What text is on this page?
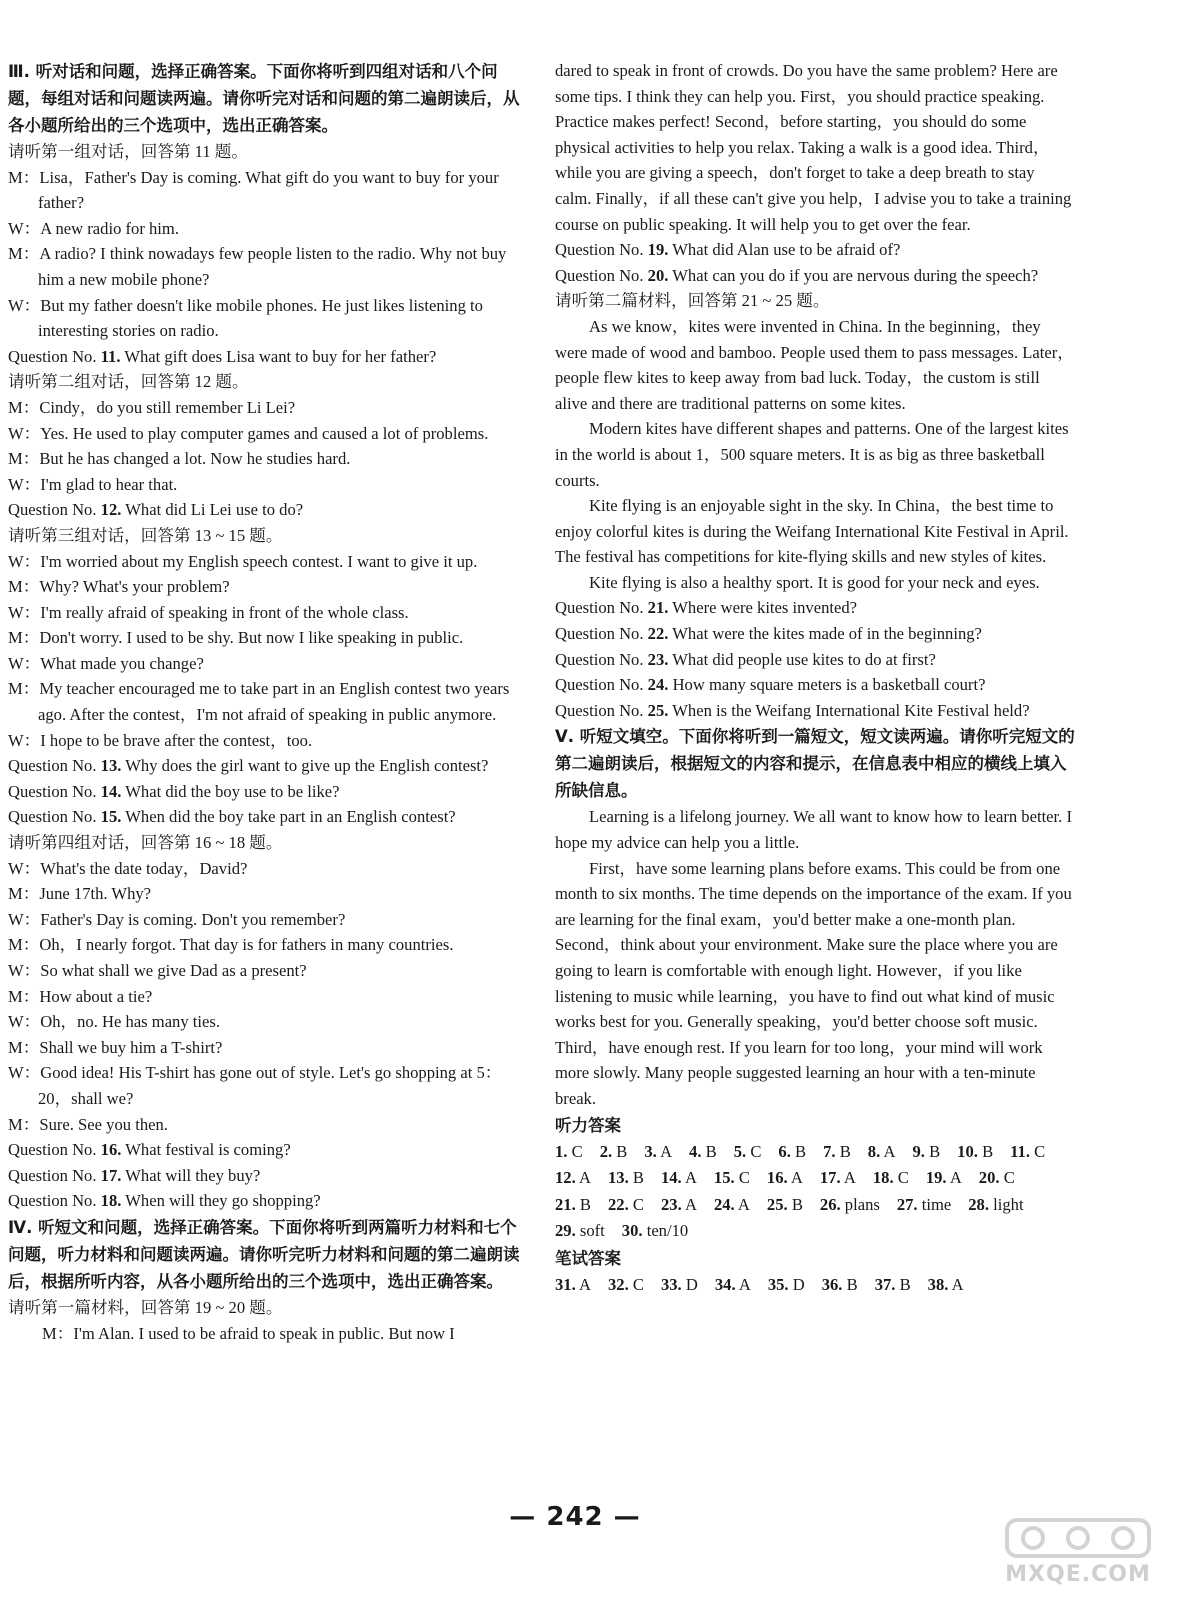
Ⅲ. 听对话和问题，选择正确答案。下面你将听到四组对话和八个问题，每组对话和问题读两遍。请你听完对话和问题的第二遍朗读后，从各小题所给出的三个选项中，选出正确答案。
请听第一组对话，回答第 11 题。
M：Lisa，Father's Day is coming. What gift do you want to buy for your father?
W：A new radio for him.
M：A radio? I think nowadays few people listen to the radio. Why not buy him a new mobile phone?
W：But my father doesn't like mobile phones. He just likes listening to interesting stories on radio.
Question No. 11. What gift does Lisa want to buy for her father?
请听第二组对话，回答第 12 题。
M：Cindy，do you still remember Li Lei?
W：Yes. He used to play computer games and caused a lot of problems.
M：But he has changed a lot. Now he studies hard.
W：I'm glad to hear that.
Question No. 12. What did Li Lei use to do?
请听第三组对话，回答第 13 ~ 15 题。
W：I'm worried about my English speech contest. I want to give it up.
M：Why? What's your problem?
W：I'm really afraid of speaking in front of the whole class.
M：Don't worry. I used to be shy. But now I like speaking in public.
W：What made you change?
M：My teacher encouraged me to take part in an English contest two years ago. After the contest，I'm not afraid of speaking in public anymore.
W：I hope to be brave after the contest，too.
Question No. 13. Why does the girl want to give up the English contest?
Question No. 14. What did the boy use to be like?
Question No. 15. When did the boy take part in an English contest?
请听第四组对话，回答第 16 ~ 18 题。
W：What's the date today，David?
M：June 17th. Why?
W：Father's Day is coming. Don't you remember?
M：Oh，I nearly forgot. That day is for fathers in many countries.
W：So what shall we give Dad as a present?
M：How about a tie?
W：Oh，no. He has many ties.
M：Shall we buy him a T-shirt?
W：Good idea! His T-shirt has gone out of style. Let's go shopping at 5：20，shall we?
M：Sure. See you then.
Question No. 16. What festival is coming?
Question No. 17. What will they buy?
Question No. 18. When will they go shopping?
Ⅳ. 听短文和问题，选择正确答案。下面你将听到两篇听力材料和七个问题，听力材料和问题读两遍。请你听完听力材料和问题的第二遍朗读后，根据所听内容，从各小题所给出的三个选项中，选出正确答案。
请听第一篇材料，回答第 19 ~ 20 题。
M：I'm Alan. I used to be afraid to speak in public. But now I
dared to speak in front of crowds. Do you have the same problem? Here are some tips. I think they can help you. First，you should practice speaking. Practice makes perfect! Second，before starting，you should do some physical activities to help you relax. Taking a walk is a good idea. Third，while you are giving a speech，don't forget to take a deep breath to stay calm. Finally，if all these can't give you help，I advise you to take a training course on public speaking. It will help you to get over the fear.
Question No. 19. What did Alan use to be afraid of?
Question No. 20. What can you do if you are nervous during the speech?
请听第二篇材料，回答第 21 ~ 25 题。
As we know，kites were invented in China. In the beginning，they were made of wood and bamboo. People used them to pass messages. Later，people flew kites to keep away from bad luck. Today，the custom is still alive and there are traditional patterns on some kites.
Modern kites have different shapes and patterns. One of the largest kites in the world is about 1，500 square meters. It is as big as three basketball courts.
Kite flying is an enjoyable sight in the sky. In China，the best time to enjoy colorful kites is during the Weifang International Kite Festival in April. The festival has competitions for kite-flying skills and new styles of kites.
Kite flying is also a healthy sport. It is good for your neck and eyes.
Question No. 21. Where were kites invented?
Question No. 22. What were the kites made of in the beginning?
Question No. 23. What did people use kites to do at first?
Question No. 24. How many square meters is a basketball court?
Question No. 25. When is the Weifang International Kite Festival held?
Ⅴ. 听短文填空。下面你将听到一篇短文，短文读两遍。请你听完短文的第二遍朗读后，根据短文的内容和提示，在信息表中相应的横线上填入所缺信息。
Learning is a lifelong journey. We all want to know how to learn better. I hope my advice can help you a little.
First，have some learning plans before exams. This could be from one month to six months. The time depends on the importance of the exam. If you are learning for the final exam，you'd better make a one-month plan. Second，think about your environment. Make sure the place where you are going to learn is comfortable with enough light. However，if you like listening to music while learning，you have to find out what kind of music works best for you. Generally speaking，you'd better choose soft music. Third，have enough rest. If you learn for too long，your mind will work more slowly. Many people suggested learning an hour with a ten-minute break.
听力答案
1. C 2. B 3. A 4. B 5. C 6. B 7. B 8. A 9. B 10. B 11. C
12. A 13. B 14. A 15. C 16. A 17. A 18. C 19. A 20. C
21. B 22. C 23. A 24. A 25. B 26. plans 27. time 28. light
29. soft 30. ten/10
笔试答案
31. A 32. C 33. D 34. A 35. D 36. B 37. B 38. A
— 242 —
MXQE.COM
